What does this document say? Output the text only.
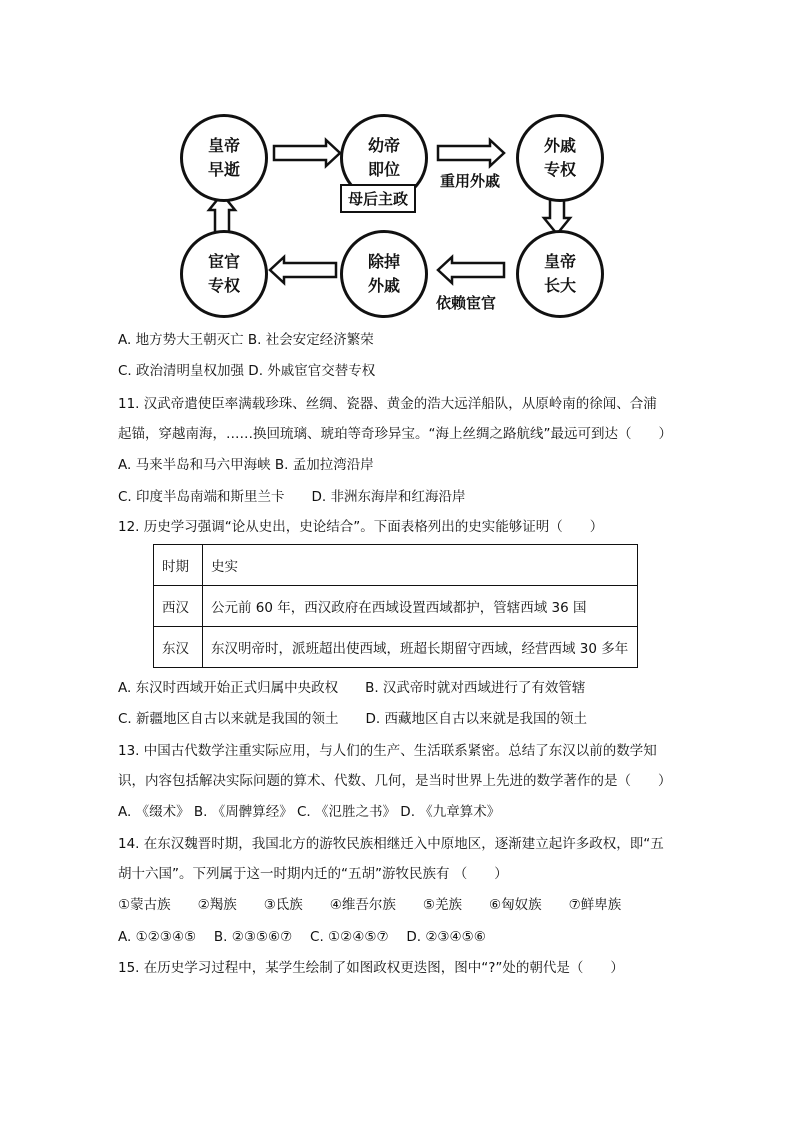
皇帝
早逝
幼帝
即位
外戚
专权
皇帝
长大
除掉
外戚
宦官
专权
母后主政
重用外戚
依赖宦官
A. 地方势大王朝灭亡 B. 社会安定经济繁荣
C. 政治清明皇权加强 D. 外戚宦官交替专权
11. 汉武帝遣使臣率满载珍珠、丝绸、瓷器、黄金的浩大远洋船队，从原岭南的徐闻、合浦
起锚，穿越南海，……换回琉璃、琥珀等奇珍异宝。“海上丝绸之路航线”最远可到达（　　）
A. 马来半岛和马六甲海峡 B. 孟加拉湾沿岸
C. 印度半岛南端和斯里兰卡　　D. 非洲东海岸和红海沿岸
12. 历史学习强调“论从史出，史论结合”。下面表格列出的史实能够证明（　　）
时期	史实
西汉	公元前 60 年，西汉政府在西域设置西域都护，管辖西域 36 国
东汉	东汉明帝时，派班超出使西域，班超长期留守西域，经营西域 30 多年
A. 东汉时西域开始正式归属中央政权　　B. 汉武帝时就对西域进行了有效管辖
C. 新疆地区自古以来就是我国的领土　　D. 西藏地区自古以来就是我国的领土
13. 中国古代数学注重实际应用，与人们的生产、生活联系紧密。总结了东汉以前的数学知
识，内容包括解决实际问题的算术、代数、几何，是当时世界上先进的数学著作的是（　　）
A. 《缀术》 B. 《周髀算经》 C. 《氾胜之书》 D. 《九章算术》
14. 在东汉魏晋时期，我国北方的游牧民族相继迁入中原地区，逐渐建立起许多政权，即“五
胡十六国”。下列属于这一时期内迁的“五胡”游牧民族有 （　　）
①蒙古族　　②羯族　　③氐族　　④维吾尔族　　⑤羌族　　⑥匈奴族　　⑦鲜卑族
A. ①②③④⑤　 B. ②③⑤⑥⑦　 C. ①②④⑤⑦　 D. ②③④⑤⑥
15. 在历史学习过程中，某学生绘制了如图政权更迭图，图中“?”处的朝代是（　　）
